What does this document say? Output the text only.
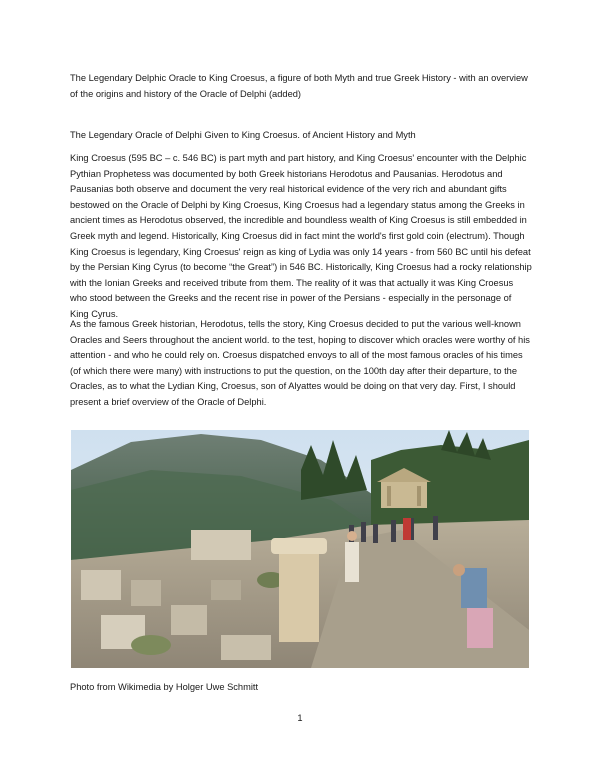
The Legendary Delphic Oracle to King Croesus, a figure of both Myth and true Greek History - with an overview of the origins and history of the Oracle of Delphi (added)
The Legendary Oracle of Delphi Given to King Croesus. of Ancient History and Myth
King Croesus (595 BC – c. 546 BC) is part myth and part history, and King Croesus' encounter with the Delphic Pythian Prophetess was documented by both Greek historians Herodotus and Pausanias. Herodotus and Pausanias both observe and document the very real historical evidence of the very rich and abundant gifts bestowed on the Oracle of Delphi by King Croesus, King Croesus had a legendary status among the Greeks in ancient times as Herodotus observed, the incredible and boundless wealth of King Croesus is still embedded in Greek myth and legend. Historically, King Croesus did in fact mint the world's first gold coin (electrum). Though King Croesus is legendary, King Croesus' reign as king of Lydia was only 14 years - from 560 BC until his defeat by the Persian King Cyrus (to become “the Great”) in 546 BC. Historically, King Croesus had a rocky relationship with the Ionian Greeks and received tribute from them. The reality of it was that actually it was King Croesus who stood between the Greeks and the recent rise in power of the Persians - especially in the personage of King Cyrus.
As the famous Greek historian, Herodotus, tells the story, King Croesus decided to put the various well-known Oracles and Seers throughout the ancient world. to the test, hoping to discover which oracles were worthy of his attention - and who he could rely on. Croesus dispatched envoys to all of the most famous oracles of his times (of which there were many) with instructions to put the question, on the 100th day after their departure, to the Oracles, as to what the Lydian King, Croesus, son of Alyattes would be doing on that very day. First, I should present a brief overview of the Oracle of Delphi.
Photo from Wikimedia by Holger Uwe Schmitt
1
